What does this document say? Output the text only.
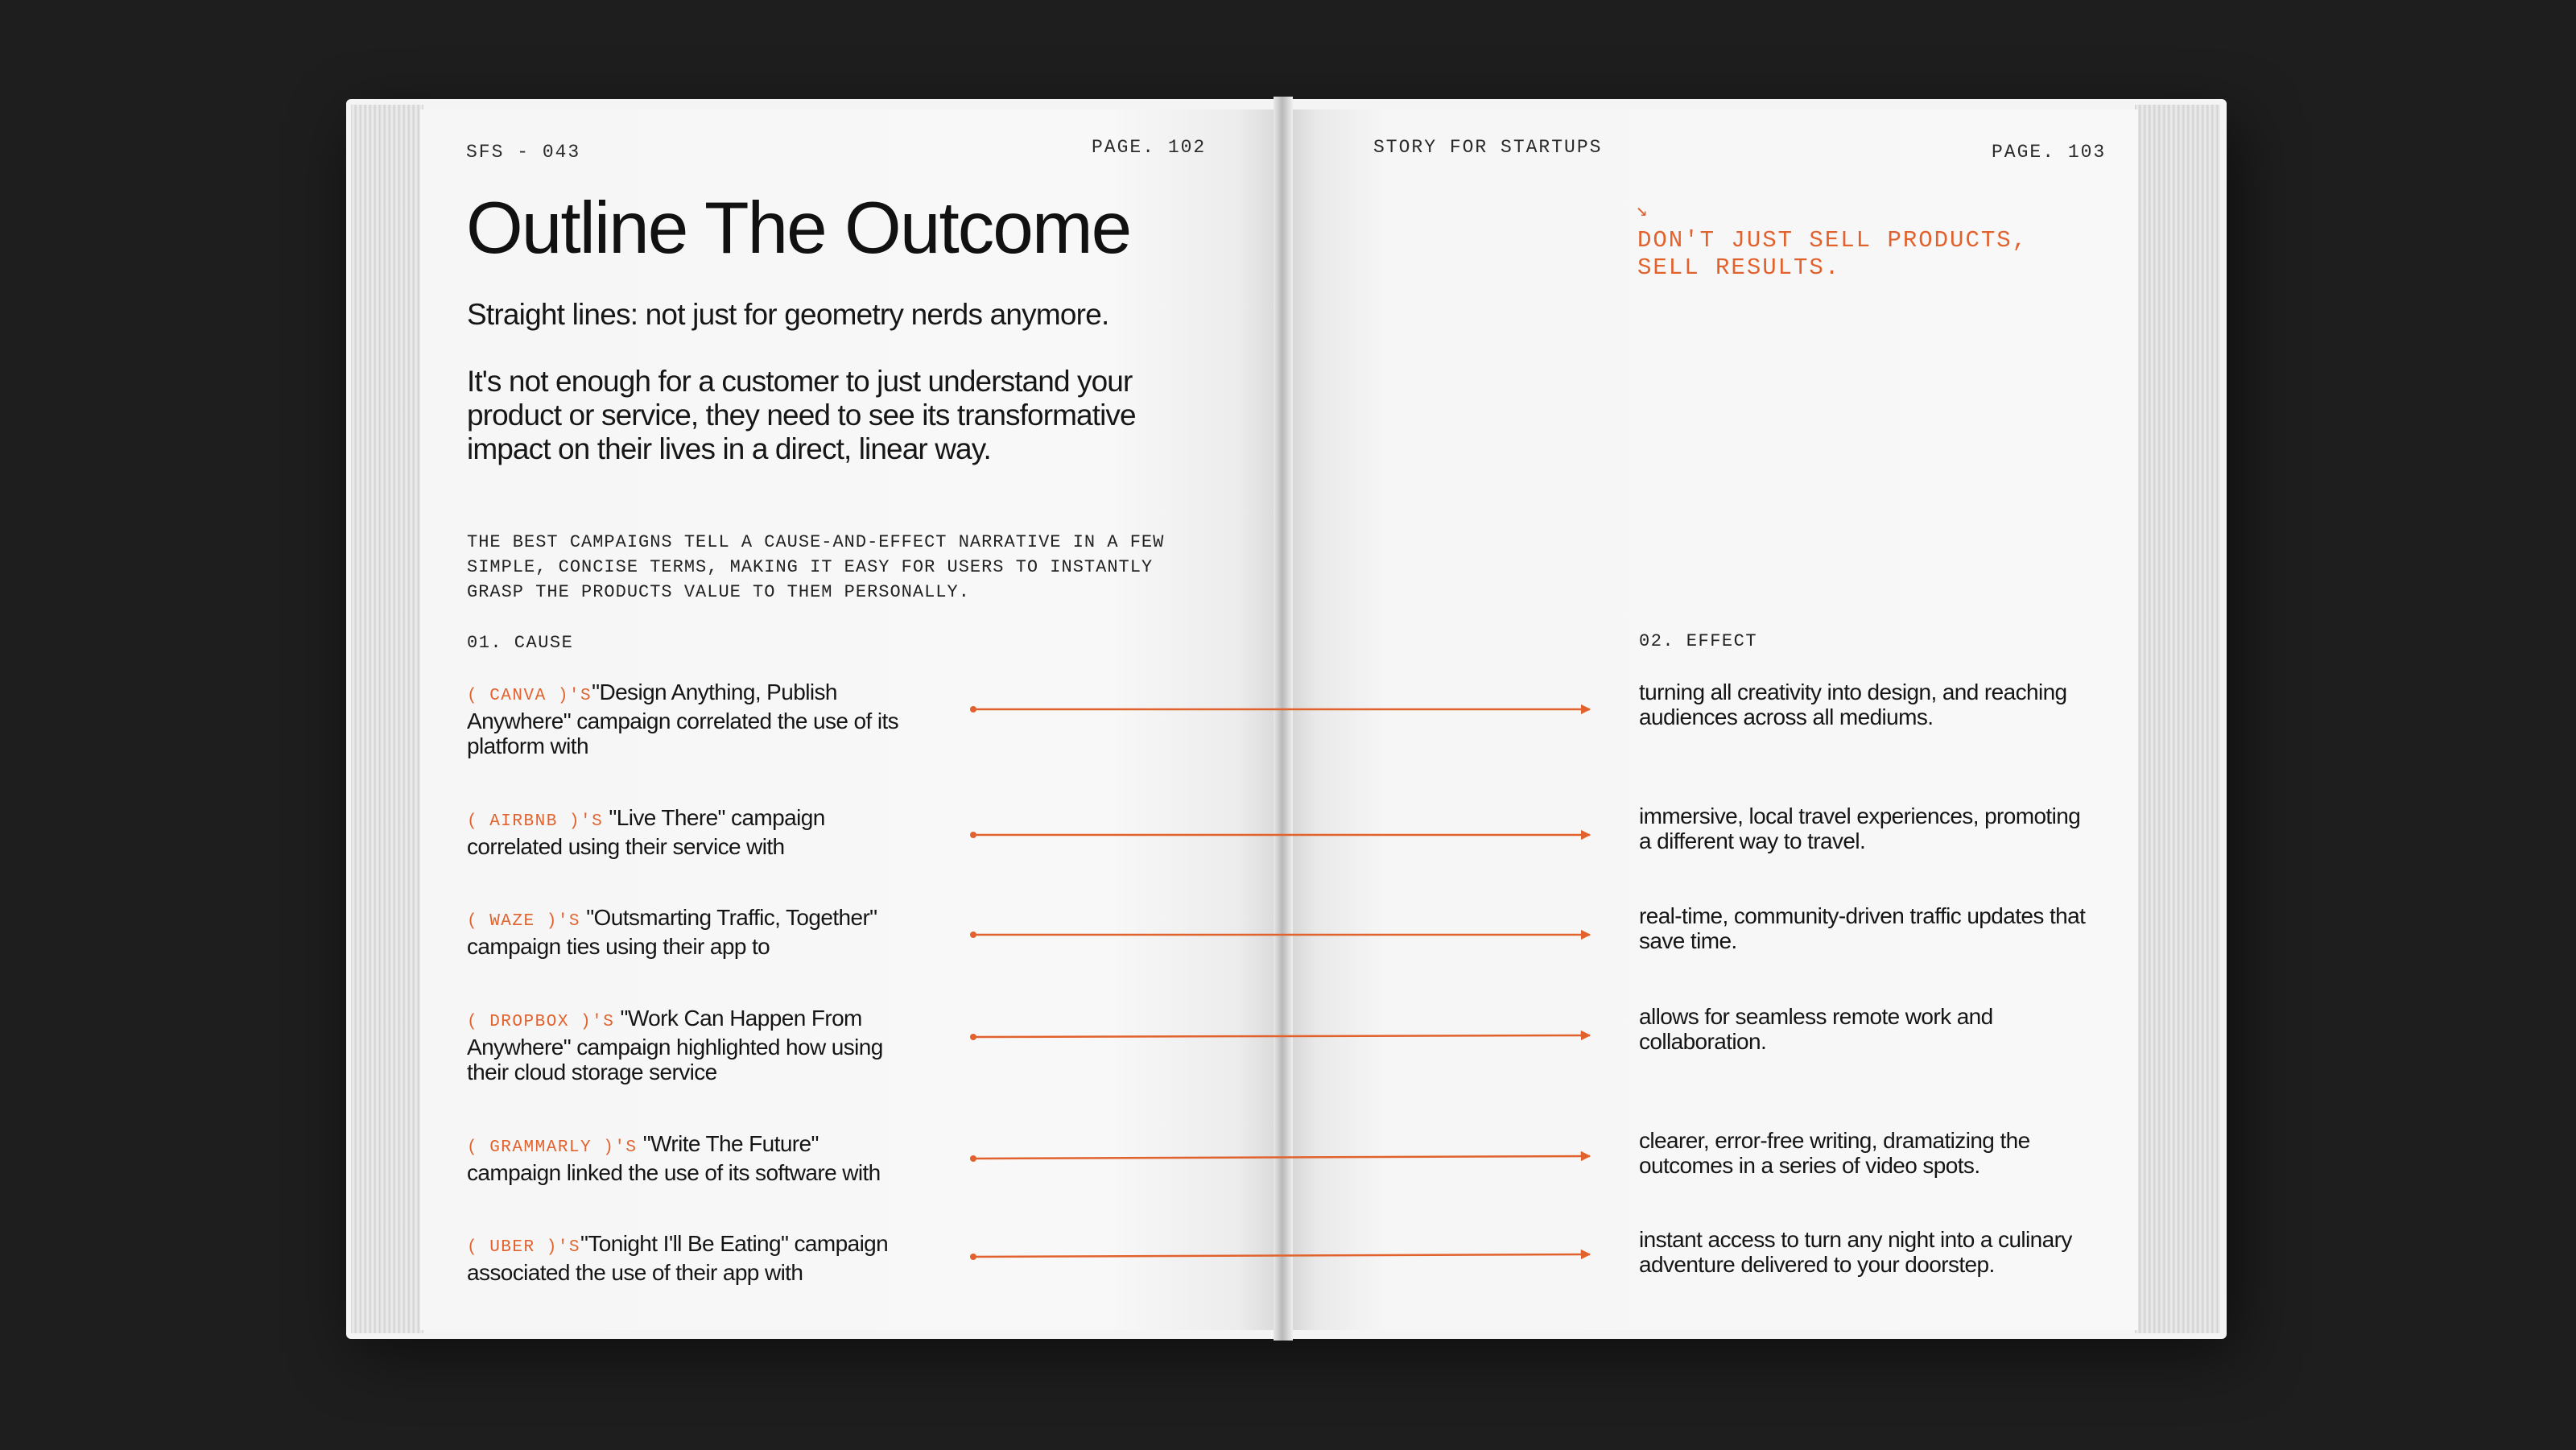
SFS - 043	PAGE. 102
Outline The Outcome

Straight lines: not just for geometry nerds anymore.

It's not enough for a customer to just understand your product or service, they need to see its transformative impact on their lives in a direct, linear way.

THE BEST CAMPAIGNS TELL A CAUSE-AND-EFFECT NARRATIVE IN A FEW SIMPLE, CONCISE TERMS, MAKING IT EASY FOR USERS TO INSTANTLY GRASP THE PRODUCTS VALUE TO THEM PERSONALLY.

01. CAUSE
STORY FOR STARTUPS	PAGE. 103
↘

DON'T JUST SELL PRODUCTS,
SELL RESULTS.

02. EFFECT

( CANVA )'S"Design Anything, Publish Anywhere" campaign correlated the use of its platform with

( AIRBNB )'S "Live There" campaign correlated using their service with

( WAZE )'S "Outsmarting Traffic, Together" campaign ties using their app to

( DROPBOX )'S "Work Can Happen From Anywhere" campaign highlighted how using their cloud storage service

( GRAMMARLY )'S "Write The Future" campaign linked the use of its software with

( UBER )'S"Tonight I'll Be Eating" campaign associated the use of their app with

turning all creativity into design, and reaching audiences across all mediums.

immersive, local travel experiences, promoting a different way to travel.

real-time, community-driven traffic updates that save time.

allows for seamless remote work and collaboration.

clearer, error-free writing, dramatizing the outcomes in a series of video spots.

instant access to turn any night into a culinary adventure delivered to your doorstep.
